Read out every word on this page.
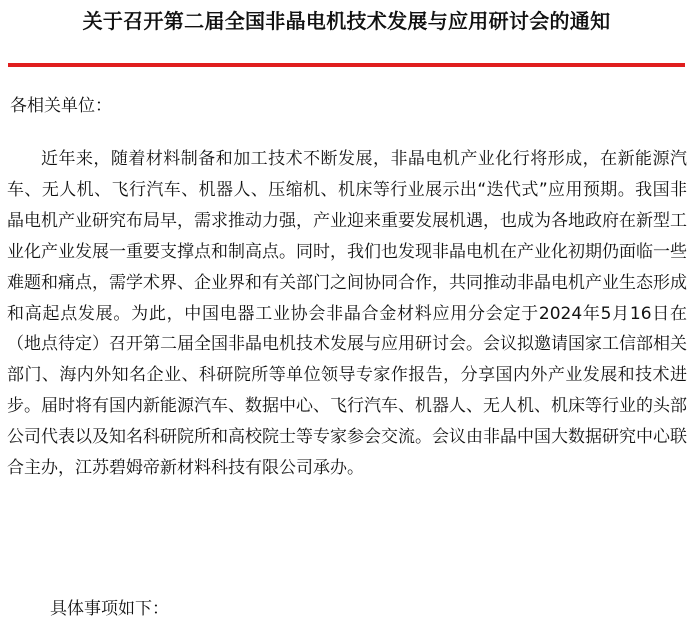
关于召开第二届全国非晶电机技术发展与应用研讨会的通知
各相关单位：

近年来，随着材料制备和加工技术不断发展，非晶电机产业化行将形成，在新能源汽车、无人机、飞行汽车、机器人、压缩机、机床等行业展示出“迭代式”应用预期。我国非晶电机产业研究布局早，需求推动力强，产业迎来重要发展机遇，也成为各地政府在新型工业化产业发展一重要支撑点和制高点。同时，我们也发现非晶电机在产业化初期仍面临一些难题和痛点，需学术界、企业界和有关部门之间协同合作，共同推动非晶电机产业生态形成和高起点发展。为此，中国电器工业协会非晶合金材料应用分会定于2024年5月16日在（地点待定）召开第二届全国非晶电机技术发展与应用研讨会。会议拟邀请国家工信部相关部门、海内外知名企业、科研院所等单位领导专家作报告，分享国内外产业发展和技术进步。届时将有国内新能源汽车、数据中心、飞行汽车、机器人、无人机、机床等行业的头部公司代表以及知名科研院所和高校院士等专家参会交流。会议由非晶中国大数据研究中心联合主办，江苏碧姆帝新材料科技有限公司承办。

具体事项如下：
